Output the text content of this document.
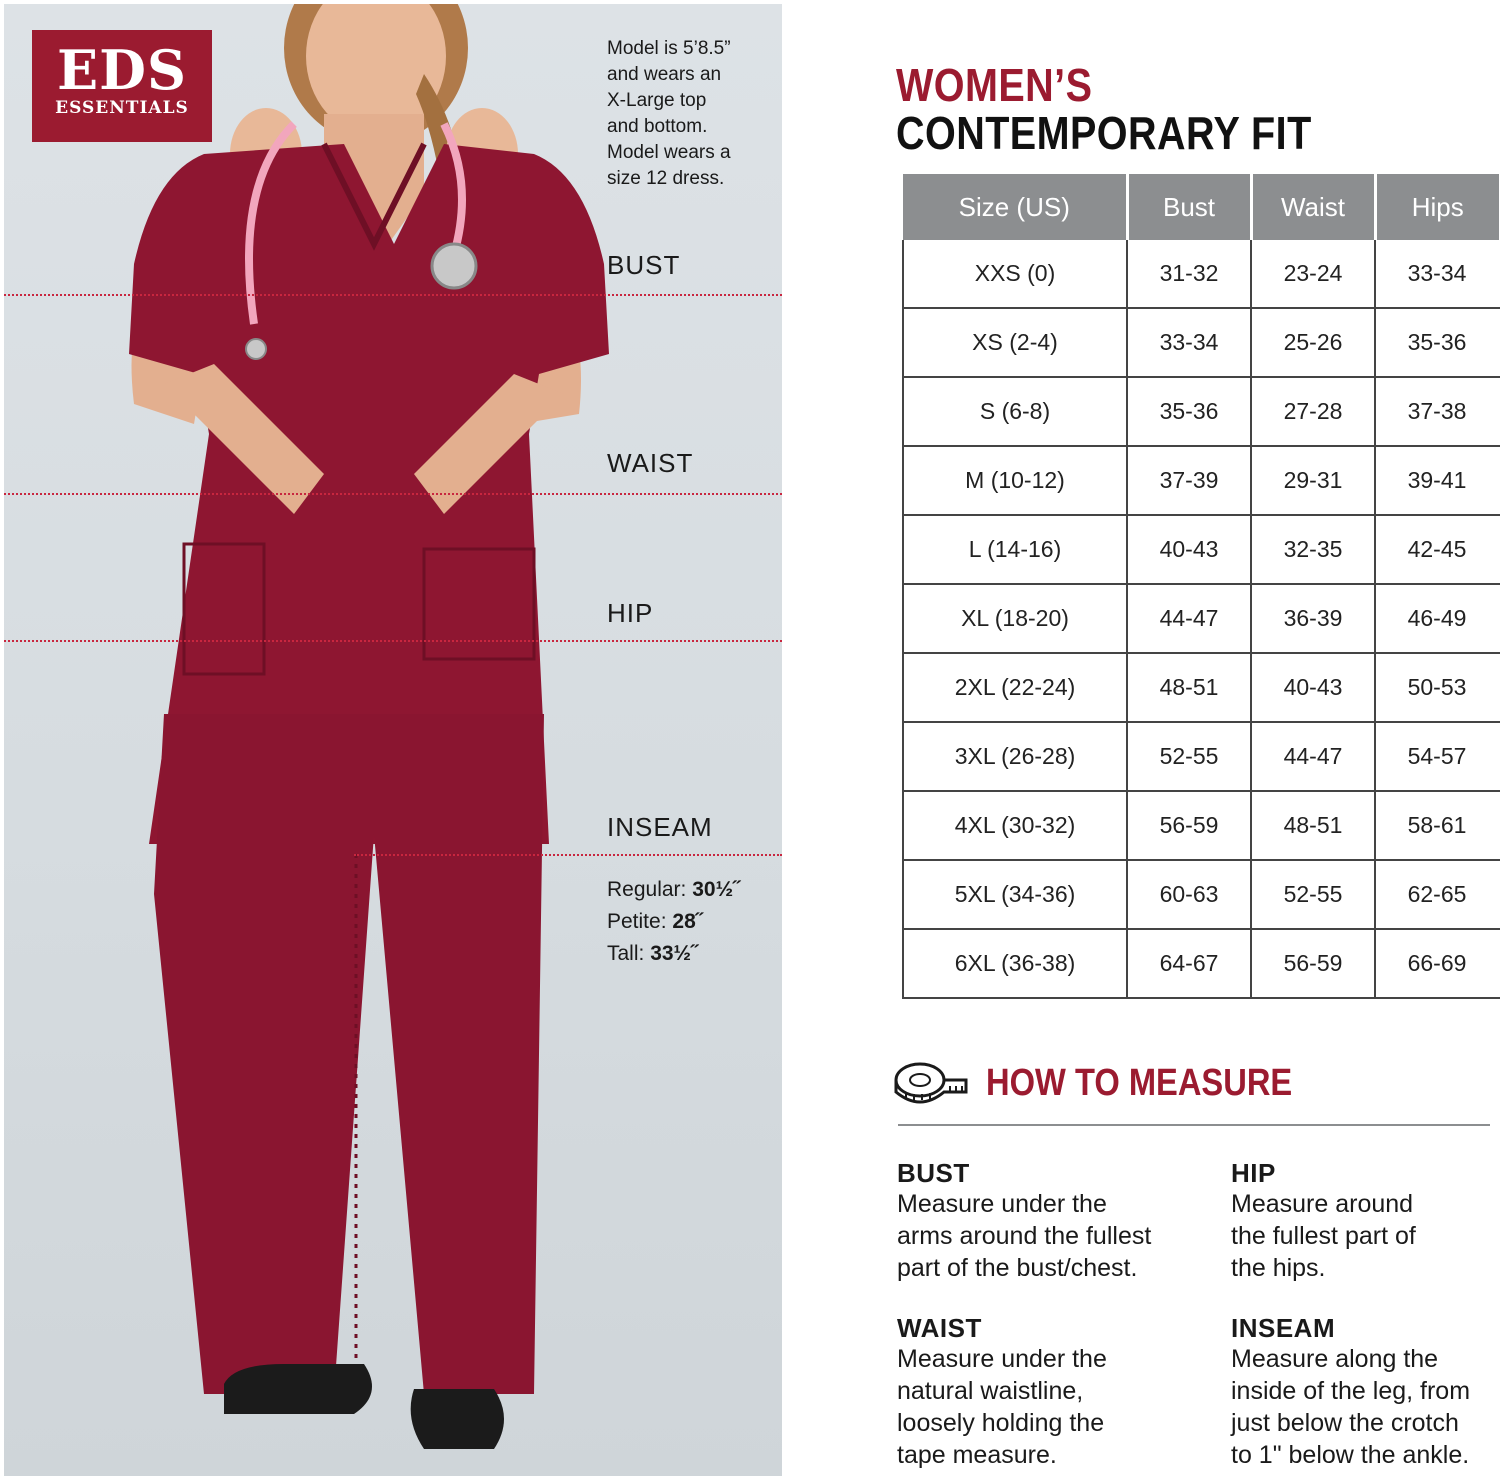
EDS
ESSENTIALS
Model is 5’8.5”
and wears an
X-Large top
and bottom.
Model wears a
size 12 dress.
BUST
WAIST
HIP
INSEAM
Regular: 30½˝
Petite: 28˝
Tall: 33½˝
WOMEN’S
CONTEMPORARY FIT
Size (US)	Bust	Waist	Hips
XXS (0)	31-32	23-24	33-34
XS (2-4)	33-34	25-26	35-36
S (6-8)	35-36	27-28	37-38
M (10-12)	37-39	29-31	39-41
L (14-16)	40-43	32-35	42-45
XL (18-20)	44-47	36-39	46-49
2XL (22-24)	48-51	40-43	50-53
3XL (26-28)	52-55	44-47	54-57
4XL (30-32)	56-59	48-51	58-61
5XL (34-36)	60-63	52-55	62-65
6XL (36-38)	64-67	56-59	66-69
HOW TO MEASURE
BUST
Measure under the
arms around the fullest
part of the bust/chest.
HIP
Measure around
the fullest part of
the hips.
WAIST
Measure under the
natural waistline,
loosely holding the
tape measure.
INSEAM
Measure along the
inside of the leg, from
just below the crotch
to 1" below the ankle.
